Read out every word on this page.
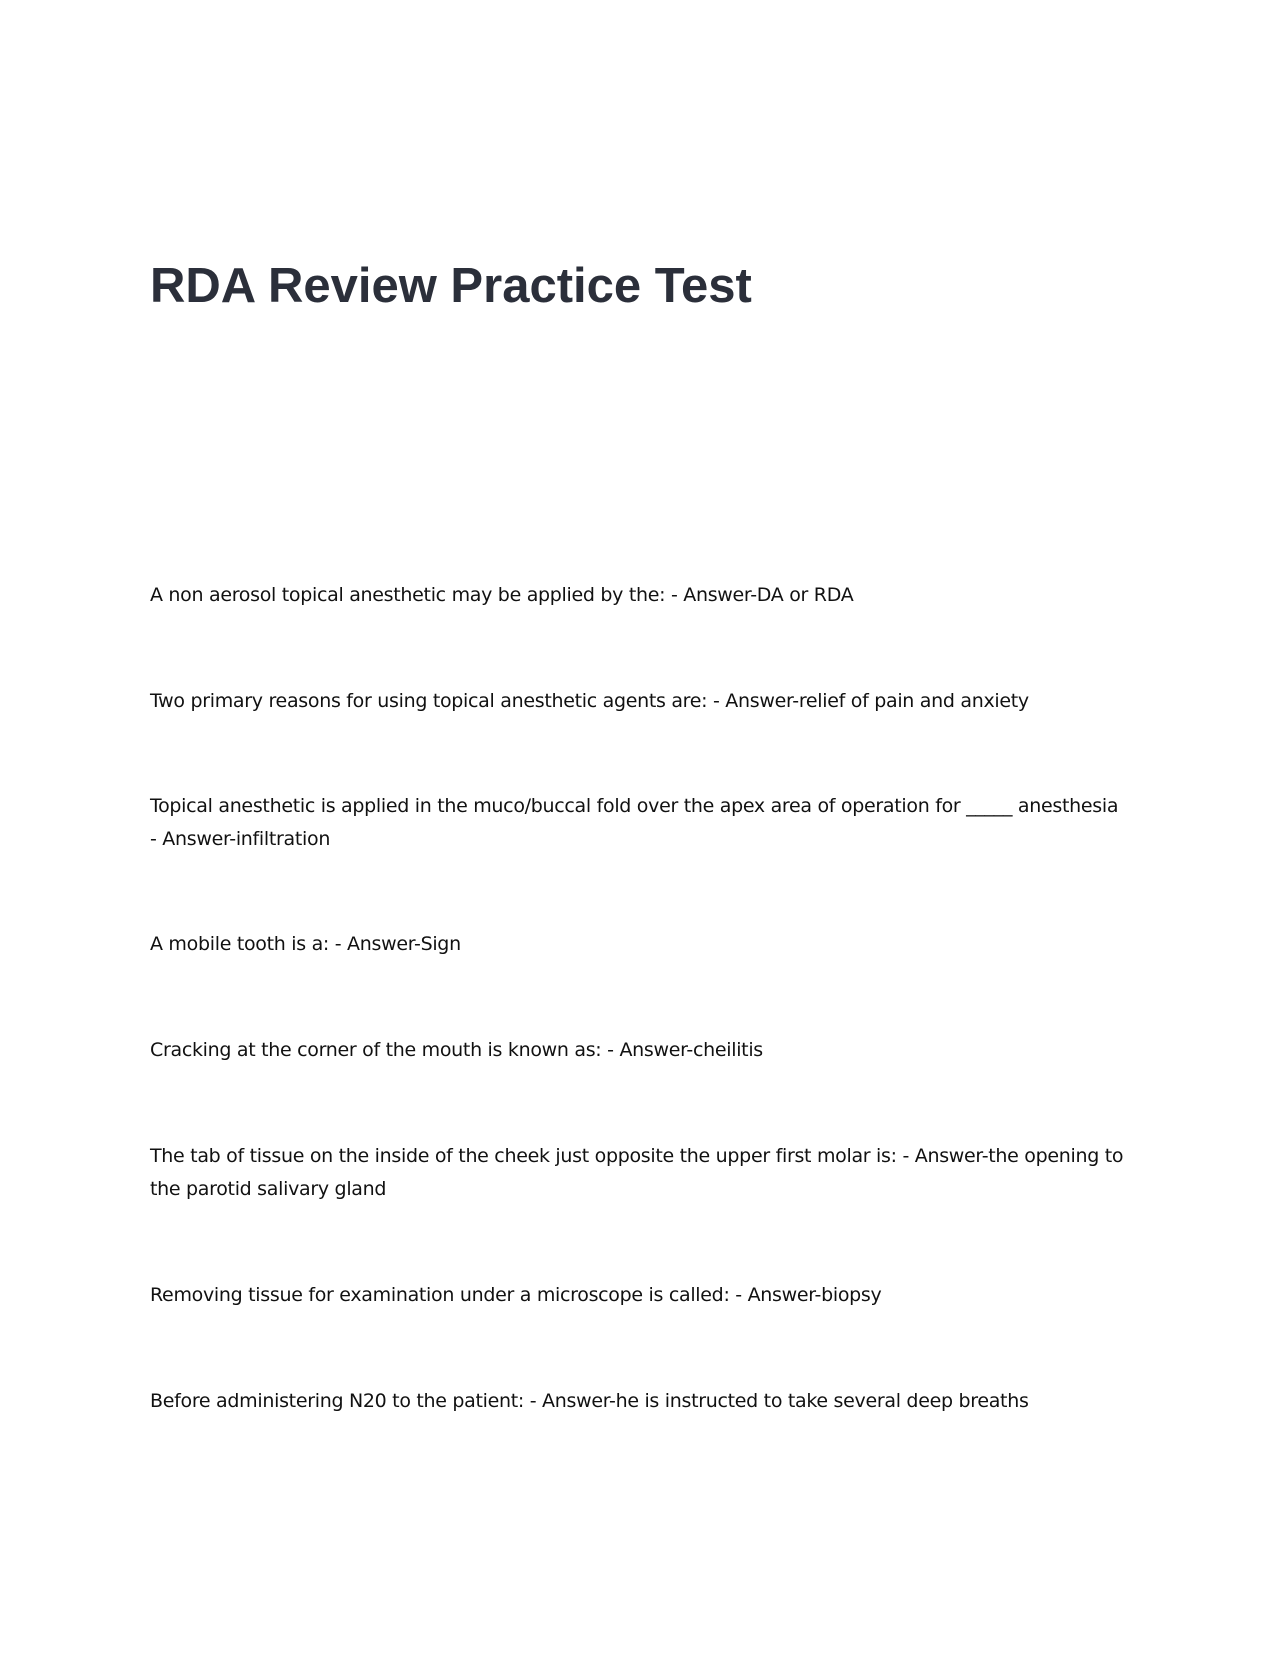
RDA Review Practice Test

A non aerosol topical anesthetic may be applied by the: - Answer-DA or RDA

Two primary reasons for using topical anesthetic agents are: - Answer-relief of pain and anxiety

Topical anesthetic is applied in the muco/buccal fold over the apex area of operation for _____ anesthesia - Answer-infiltration

A mobile tooth is a: - Answer-Sign

Cracking at the corner of the mouth is known as: - Answer-cheilitis

The tab of tissue on the inside of the cheek just opposite the upper first molar is: - Answer-the opening to the parotid salivary gland

Removing tissue for examination under a microscope is called: - Answer-biopsy

Before administering N20 to the patient: - Answer-he is instructed to take several deep breaths
